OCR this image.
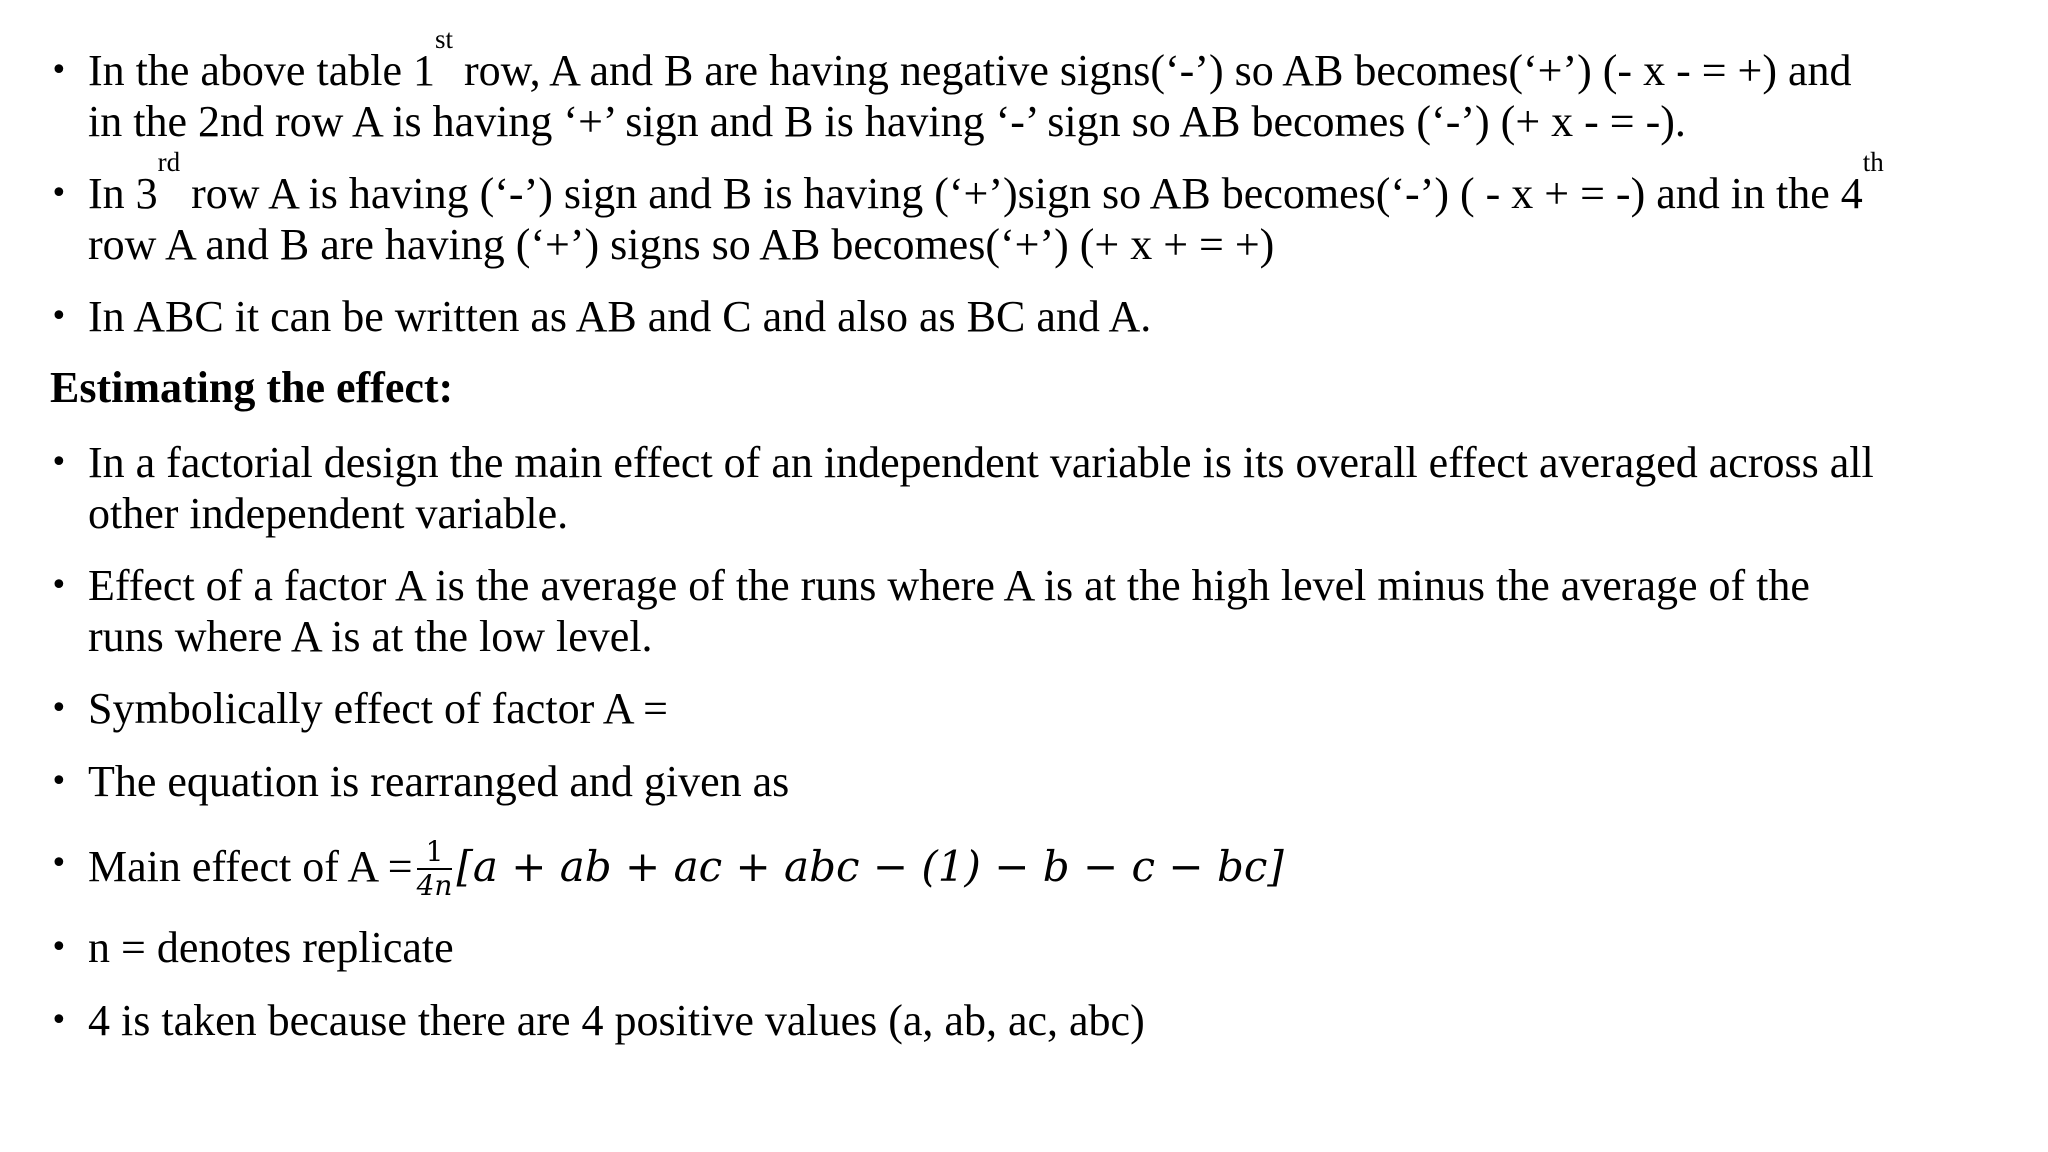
• In the above table 1st row, A and B are having negative signs(‘-’) so AB becomes(‘+’) (- x - = +) and
in the 2nd row A is having ‘+’ sign and B is having ‘-’ sign so AB becomes (‘-’) (+ x - = -).
• In 3rd row A is having (‘-’) sign and B is having (‘+’)sign so AB becomes(‘-’) ( - x + = -) and in the 4th
row A and B are having (‘+’) signs so AB becomes(‘+’) (+ x + = +)
• In ABC it can be written as AB and C and also as BC and A.
Estimating the effect:
• In a factorial design the main effect of an independent variable is its overall effect averaged across all
other independent variable.
• Effect of a factor A is the average of the runs where A is at the high level minus the average of the
runs where A is at the low level.
• Symbolically effect of factor A =
• The equation is rearranged and given as
• Main effect of $A = \frac{1}{4n} [a$ + ab + ac + abc − (1) − b − c − bc]
• n = denotes replicate
• 4 is taken because there are 4 positive values (a, ab, ac, abc)
